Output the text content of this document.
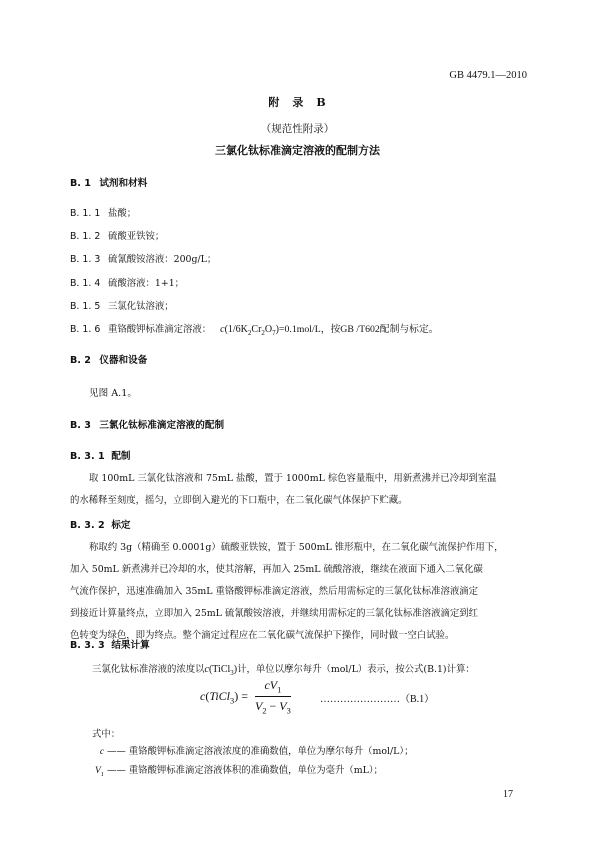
GB 4479.1—2010
附　录　B
（规范性附录）
三氯化钛标准滴定溶液的配制方法
B. 1 试剂和材料
B. 1. 1 盐酸；
B. 1. 2 硫酸亚铁铵；
B. 1. 3 硫氰酸铵溶液：200g/L；
B. 1. 4 硫酸溶液：1+1；
B. 1. 5 三氯化钛溶液；
B. 1. 6 重铬酸钾标准滴定溶液： $c(1/6K_2Cr_2O_7)=0.1mol/L$，按GB /T602配制与标定。
B. 2 仪器和设备
见图 A.1。
B. 3 三氯化钛标准滴定溶液的配制
B. 3. 1 配制
取 100mL 三氯化钛溶液和 75mL 盐酸，置于 1000mL 棕色容量瓶中，用新煮沸并已冷却到室温
的水稀释至刻度，摇匀，立即倒入避光的下口瓶中，在二氧化碳气体保护下贮藏。
B. 3. 2 标定
称取约 3g（精确至 0.0001g）硫酸亚铁铵，置于 500mL 锥形瓶中，在二氧化碳气流保护作用下，
加入 50mL 新煮沸并已冷却的水，使其溶解，再加入 25mL 硫酸溶液，继续在液面下通入二氧化碳
气流作保护，迅速准确加入 35mL 重铬酸钾标准滴定溶液，然后用需标定的三氯化钛标准溶液滴定
到接近计算量终点，立即加入 25mL 硫氰酸铵溶液，并继续用需标定的三氯化钛标准溶液滴定到红
色转变为绿色，即为终点。整个滴定过程应在二氧化碳气流保护下操作，同时做一空白试验。
B. 3. 3 结果计算
三氯化钛标准溶液的浓度以c(TiCl$_3$)计，单位以摩尔每升（mol/L）表示，按公式(B.1)计算：
c(TiCl$_3$) = $\frac{cV_1}{V_2 - V_3}$	……………………（B.1）
式中：
c —— 重铬酸钾标准滴定溶液浓度的准确数值，单位为摩尔每升（mol/L）；
$V_1$ —— 重铬酸钾标准滴定溶液体积的准确数值，单位为毫升（mL）；
17
